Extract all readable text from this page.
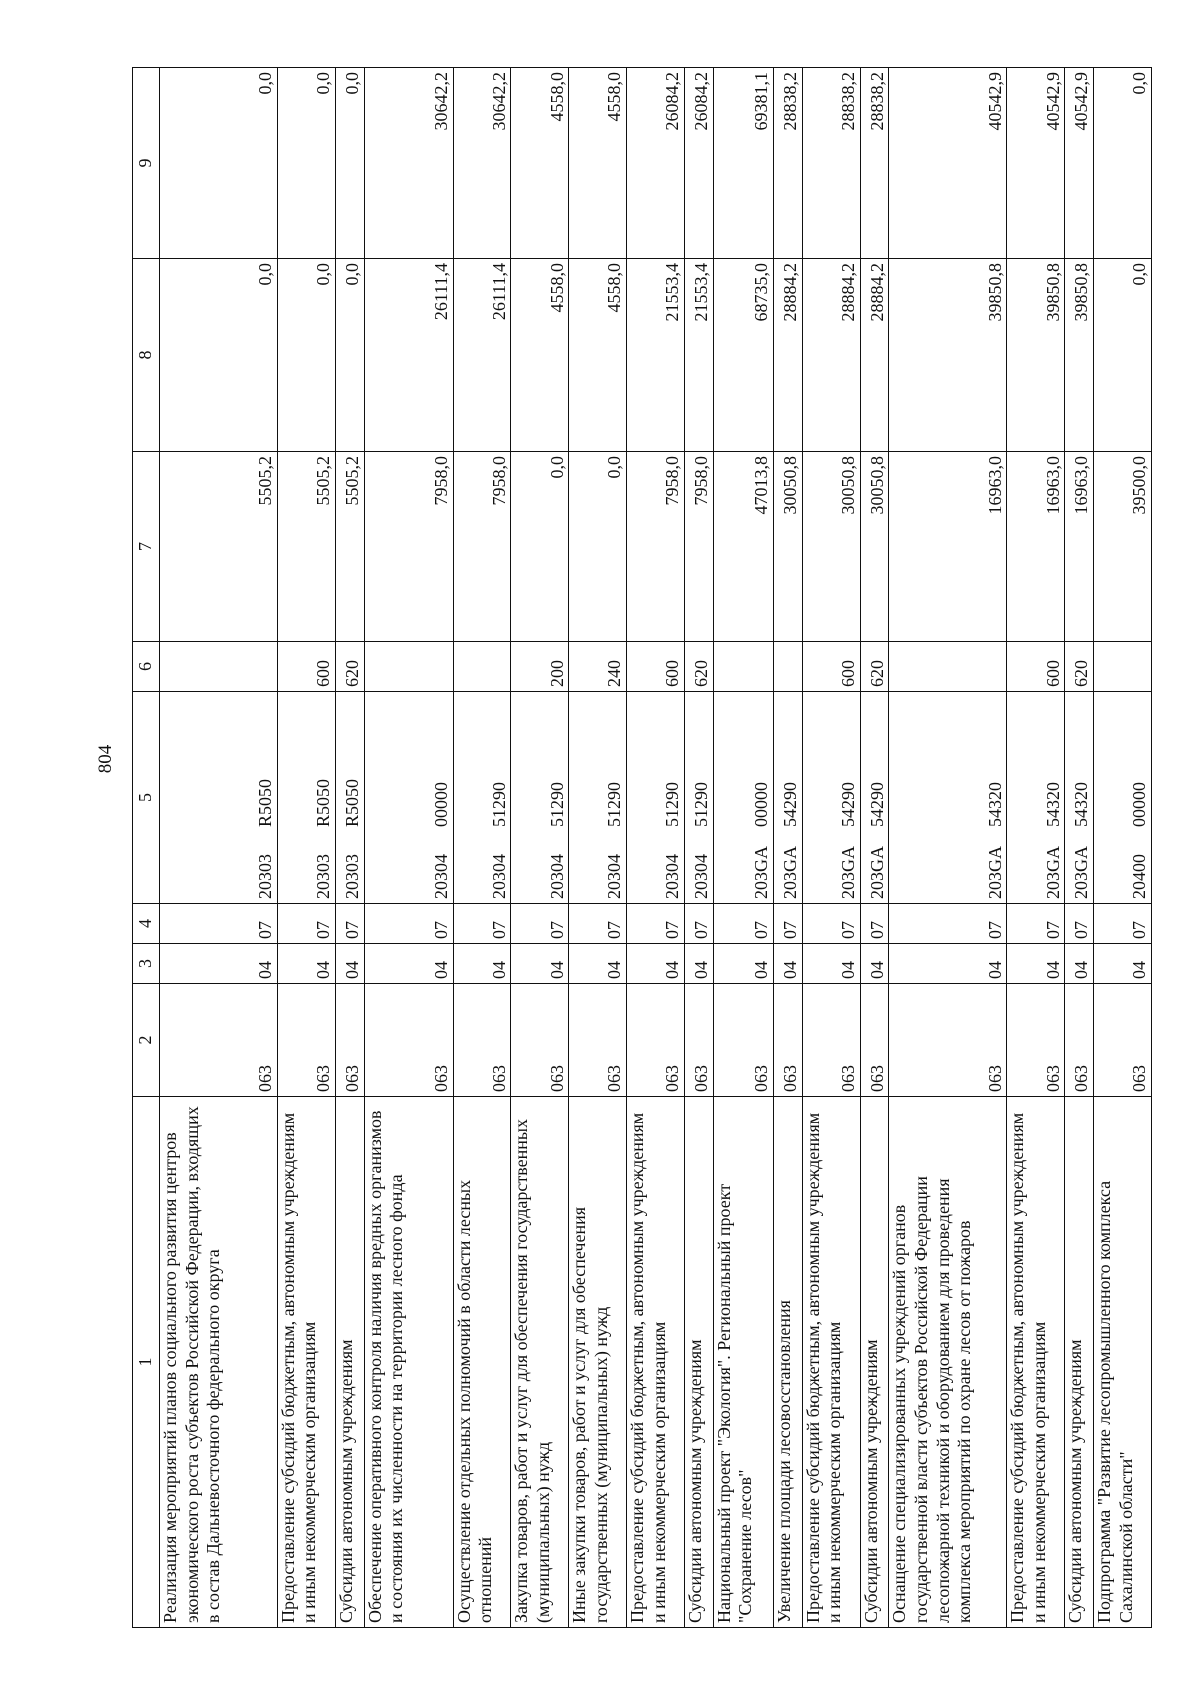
804
1	2	3	4	5	6	7	8	9
Реализация мероприятий планов социального развития центров экономического роста субъектов Российской Федерации, входящих в состав Дальневосточного федерального округа	063	04	07	20303R5050		5505,2	0,0	0,0
Предоставление субсидий бюджетным, автономным учреждениям и иным некоммерческим организациям	063	04	07	20303R5050	600	5505,2	0,0	0,0
Субсидии автономным учреждениям	063	04	07	20303R5050	620	5505,2	0,0	0,0
Обеспечение оперативного контроля наличия вредных организмов и состояния их численности на территории лесного фонда	063	04	07	2030400000		7958,0	26111,4	30642,2
Осуществление отдельных полномочий в области лесных отношений	063	04	07	2030451290		7958,0	26111,4	30642,2
Закупка товаров, работ и услуг для обеспечения государственных (муниципальных) нужд	063	04	07	2030451290	200	0,0	4558,0	4558,0
Иные закупки товаров, работ и услуг для обеспечения государственных (муниципальных) нужд	063	04	07	2030451290	240	0,0	4558,0	4558,0
Предоставление субсидий бюджетным, автономным учреждениям и иным некоммерческим организациям	063	04	07	2030451290	600	7958,0	21553,4	26084,2
Субсидии автономным учреждениям	063	04	07	2030451290	620	7958,0	21553,4	26084,2
Национальный проект "Экология". Региональный проект "Сохранение лесов"	063	04	07	203GA00000		47013,8	68735,0	69381,1
Увеличение площади лесовосстановления	063	04	07	203GA54290		30050,8	28884,2	28838,2
Предоставление субсидий бюджетным, автономным учреждениям и иным некоммерческим организациям	063	04	07	203GA54290	600	30050,8	28884,2	28838,2
Субсидии автономным учреждениям	063	04	07	203GA54290	620	30050,8	28884,2	28838,2
Оснащение специализированных учреждений органов государственной власти субъектов Российской Федерации лесопожарной техникой и оборудованием для проведения комплекса мероприятий по охране лесов от пожаров	063	04	07	203GA54320		16963,0	39850,8	40542,9
Предоставление субсидий бюджетным, автономным учреждениям и иным некоммерческим организациям	063	04	07	203GA54320	600	16963,0	39850,8	40542,9
Субсидии автономным учреждениям	063	04	07	203GA54320	620	16963,0	39850,8	40542,9
Подпрограмма "Развитие лесопромышленного комплекса Сахалинской области"	063	04	07	2040000000		39500,0	0,0	0,0
